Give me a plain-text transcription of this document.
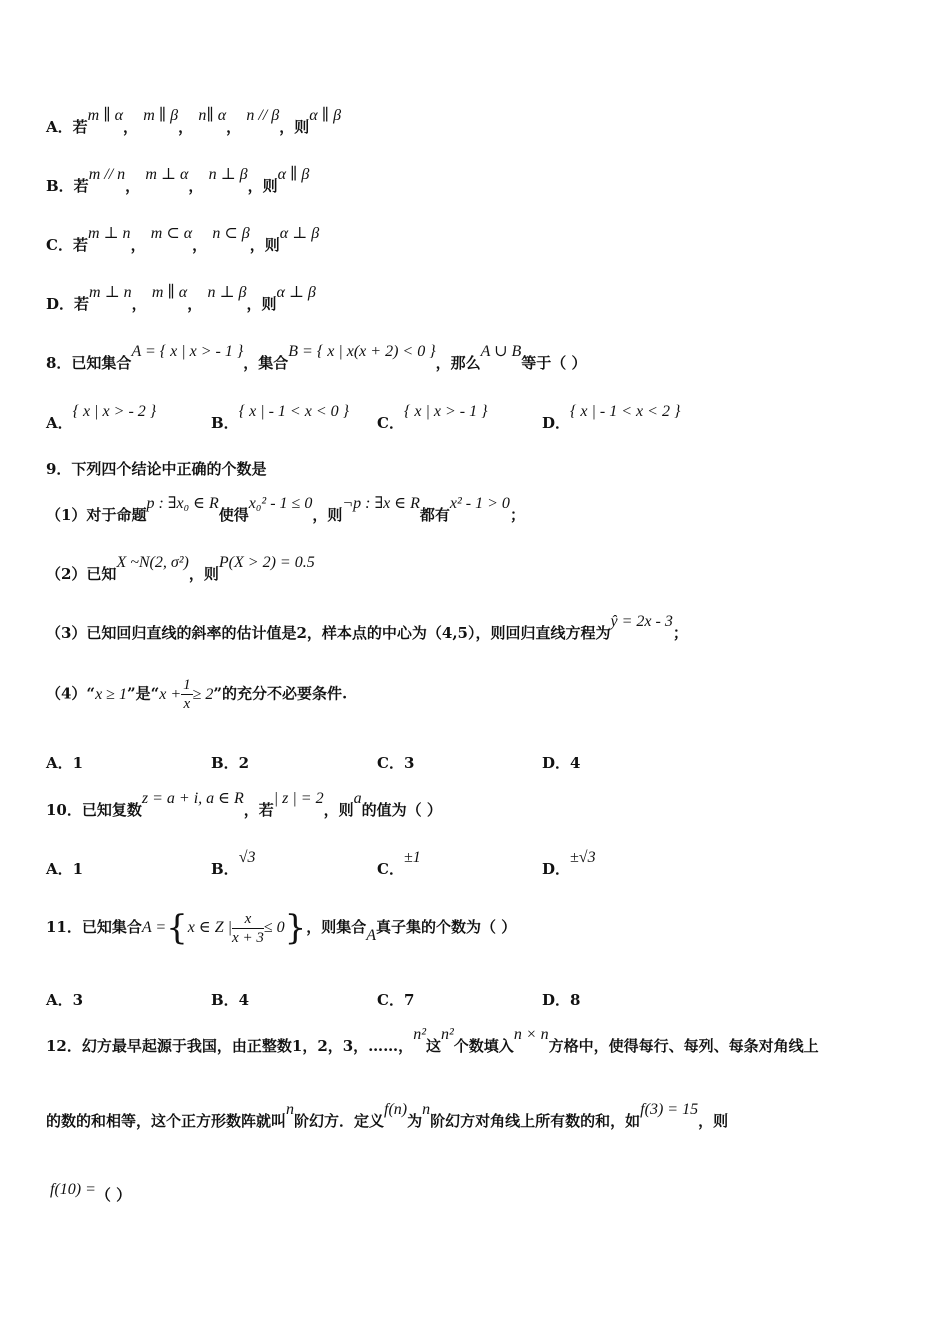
A．若m ∥ α， m ∥ β， n∥ α， n // β，则α ∥ β
B．若m // n， m ⊥ α， n ⊥ β，则α ∥ β
C．若m ⊥ n， m ⊂ α， n ⊂ β，则α ⊥ β
D．若m ⊥ n， m ∥ α， n ⊥ β，则α ⊥ β
8．已知集合A = { x | x > - 1 }，集合B = { x | x(x + 2) < 0 }，那么A ∪ B等于（ ）
A．{ x | x > - 2 }
B．{ x | - 1 < x < 0 }
C．{ x | x > - 1 }
D．{ x | - 1 < x < 2 }
9．下列四个结论中正确的个数是
（1）对于命题p : ∃x₀ ∈ R使得x₀² - 1 ≤ 0，则¬p : ∃x ∈ R都有x² - 1 > 0；
（2）已知X ~N(2, σ²)，则P(X > 2) = 0.5
（3）已知回归直线的斜率的估计值是2，样本点的中心为（4,5），则回归直线方程为ŷ = 2x - 3；
（4）“x ≥ 1”是“$x + \frac{1}{x} \ge 2$”的充分不必要条件.
A．1	B．2	C．3	D．4
10．已知复数z = a + i, a ∈ R，若| z | = 2，则a的值为（ ）
A．1	B．√3
C．±1
D．±√3
11．已知集合A ={x ∈ Z | $\frac{x}{x + 3} \le 0$}，则集合A真子集的个数为（ ）
A．3	B．4	C．7	D．8
12．幻方最早起源于我国，由正整数1，2，3，……，n²这n²个数填入n × n方格中，使得每行、每列、每条对角线上
的数的和相等，这个正方形数阵就叫n阶幻方．定义f(n)为n阶幻方对角线上所有数的和，如f(3) = 15，则
f(10) =（ ）
